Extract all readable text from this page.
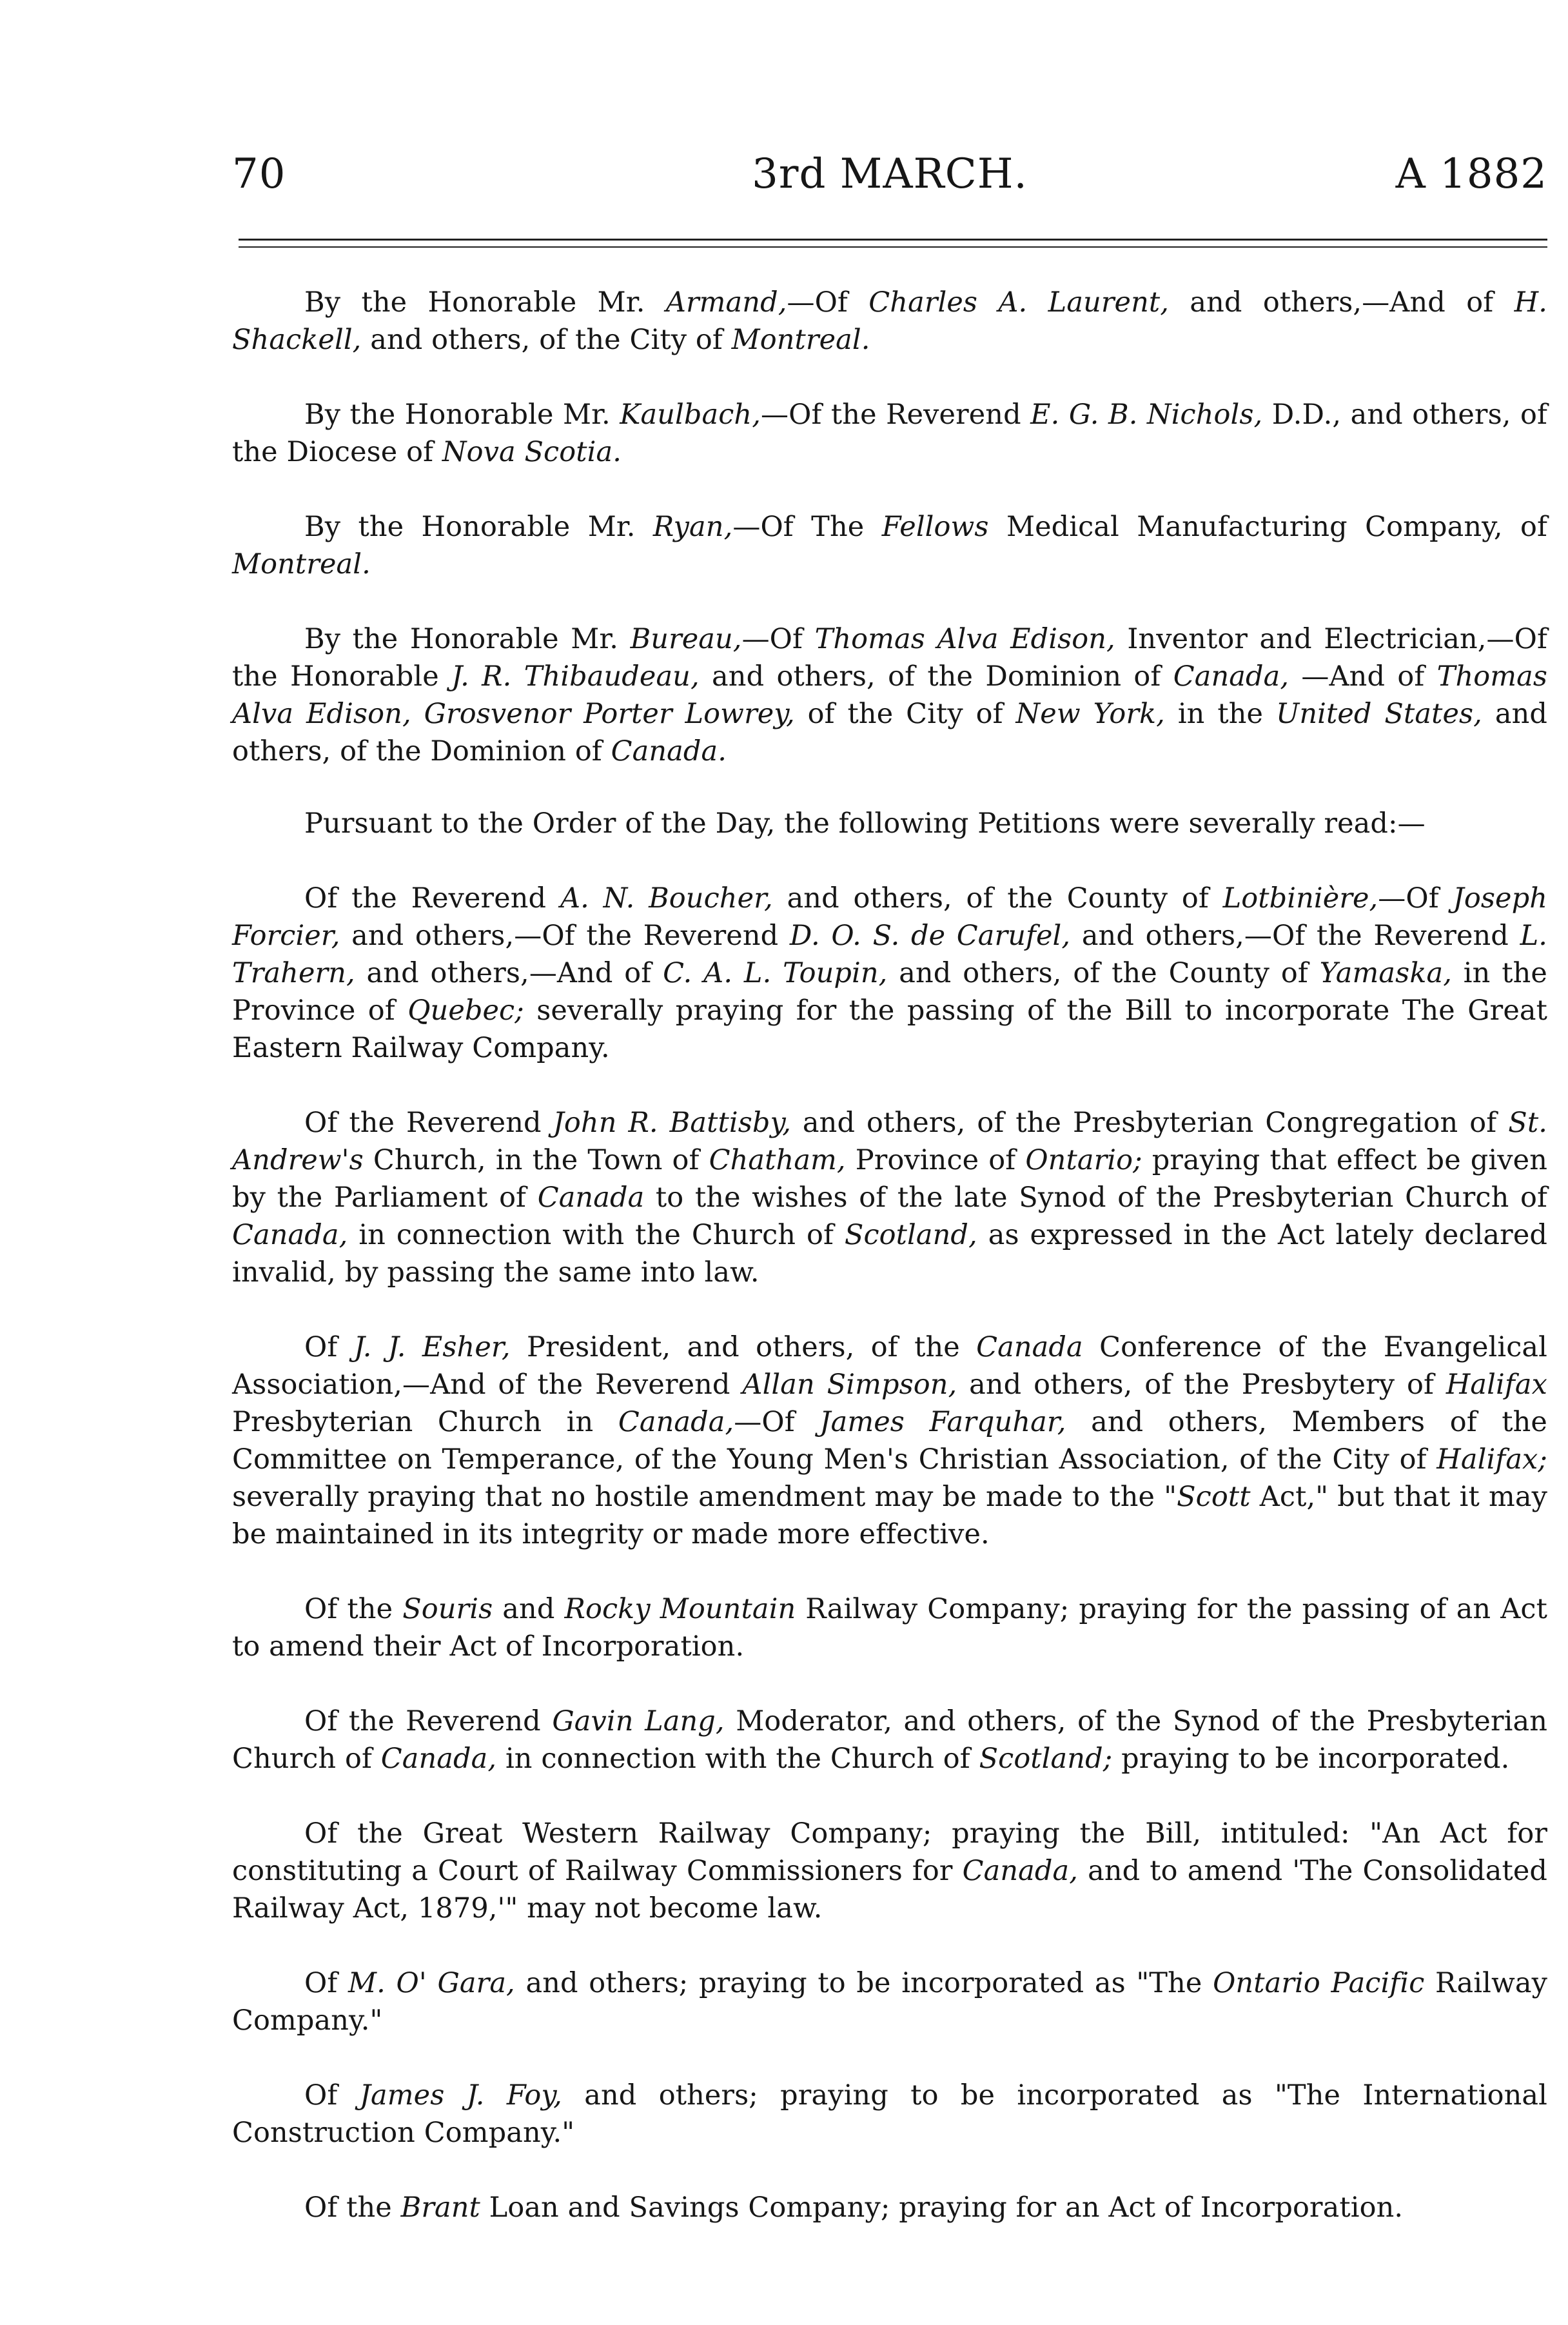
70	3rd MARCH.	A 1882

By the Honorable Mr. Armand,—Of Charles A. Laurent, and others,—And of H. Shackell, and others, of the City of Montreal.

By the Honorable Mr. Kaulbach,—Of the Reverend E. G. B. Nichols, D.D., and others, of the Diocese of Nova Scotia.

By the Honorable Mr. Ryan,—Of The Fellows Medical Manufacturing Company, of Montreal.

By the Honorable Mr. Bureau,—Of Thomas Alva Edison, Inventor and Electrician,—Of the Honorable J. R. Thibaudeau, and others, of the Dominion of Canada, —And of Thomas Alva Edison, Grosvenor Porter Lowrey, of the City of New York, in the United States, and others, of the Dominion of Canada.

Pursuant to the Order of the Day, the following Petitions were severally read:—

Of the Reverend A. N. Boucher, and others, of the County of Lotbinière,—Of Joseph Forcier, and others,—Of the Reverend D. O. S. de Carufel, and others,—Of the Reverend L. Trahern, and others,—And of C. A. L. Toupin, and others, of the County of Yamaska, in the Province of Quebec; severally praying for the passing of the Bill to incorporate The Great Eastern Railway Company.

Of the Reverend John R. Battisby, and others, of the Presbyterian Congregation of St. Andrew's Church, in the Town of Chatham, Province of Ontario; praying that effect be given by the Parliament of Canada to the wishes of the late Synod of the Presbyterian Church of Canada, in connection with the Church of Scotland, as expressed in the Act lately declared invalid, by passing the same into law.

Of J. J. Esher, President, and others, of the Canada Conference of the Evangelical Association,—And of the Reverend Allan Simpson, and others, of the Presbytery of Halifax Presbyterian Church in Canada,—Of James Farquhar, and others, Members of the Committee on Temperance, of the Young Men's Christian Association, of the City of Halifax; severally praying that no hostile amendment may be made to the "Scott Act," but that it may be maintained in its integrity or made more effective.

Of the Souris and Rocky Mountain Railway Company; praying for the passing of an Act to amend their Act of Incorporation.

Of the Reverend Gavin Lang, Moderator, and others, of the Synod of the Presbyterian Church of Canada, in connection with the Church of Scotland; praying to be incorporated.

Of the Great Western Railway Company; praying the Bill, intituled: "An Act for constituting a Court of Railway Commissioners for Canada, and to amend 'The Consolidated Railway Act, 1879,'" may not become law.

Of M. O' Gara, and others; praying to be incorporated as "The Ontario Pacific Railway Company."

Of James J. Foy, and others; praying to be incorporated as "The International Construction Company."

Of the Brant Loan and Savings Company; praying for an Act of Incorporation.
